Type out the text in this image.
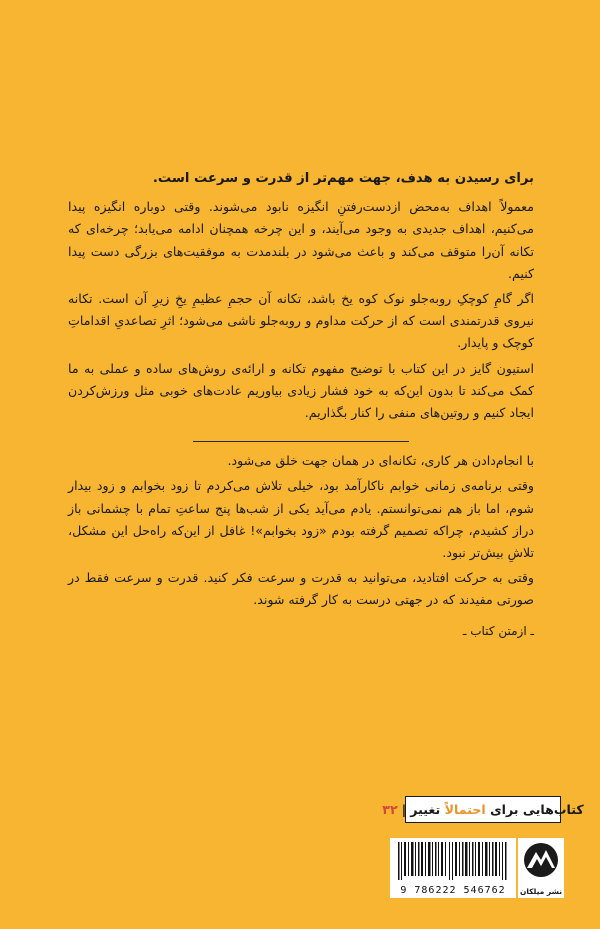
برای رسیدن به هدف، جهت مهم‌تر از قدرت و سرعت است.

معمولاً اهداف به‌محض ازدست‌رفتنِ انگیزه نابود می‌شوند. وقتی دوباره انگیزه پیدا می‌کنیم، اهداف جدیدی به وجود می‌آیند، و این چرخه همچنان ادامه می‌یابد؛ چرخه‌ای که تکانه آن‌را متوقف می‌کند و باعث می‌شود در بلندمدت به موفقیت‌های بزرگی دست پیدا کنیم.

اگر گامِ کوچکِ رو‌به‌جلو نوک کوه یخ باشد، تکانه آن حجمِ عظیمِ یخِ زیرِ آن است. تکانه نیروی قدرتمندی است که از حرکت مداوم و رو‌به‌جلو ناشی می‌شود؛ اثرِ تصاعدیِ اقداماتِ کوچک و پایدار.

استیون گایز در این کتاب با توضیح مفهوم تکانه و ارائه‌ی روش‌های ساده و عملی به ما کمک می‌کند تا بدون این‌که به خود فشار زیادی بیاوریم عادت‌های خوبی مثل ورزش‌کردن ایجاد کنیم و روتین‌های منفی را کنار بگذاریم.

با انجام‌دادن هر کاری، تکانه‌ای در همان جهت خلق می‌شود.

وقتی برنامه‌ی زمانی خوابم ناکارآمد بود، خیلی تلاش می‌کردم تا زود بخوابم و زود بیدار شوم، اما باز هم نمی‌توانستم. یادم می‌آید یکی از شب‌ها پنج ساعتِ تمام با چشمانی باز دراز کشیدم، چراکه تصمیم گرفته بودم «زود بخوابم»! غافل از این‌که راه‌حل این مشکل، تلاشِ بیش‌تر نبود.

وقتی به حرکت افتادید، می‌توانید به قدرت و سرعت فکر کنید. قدرت و سرعت فقط در صورتی مفیدند که در جهتی درست به کار گرفته شوند.

ـ ازمتن کتاب ـ

کتاب‌هایی برای

احتمالاً

تغییر
|
۳۲
9 786222 546762	نشر میلکان
